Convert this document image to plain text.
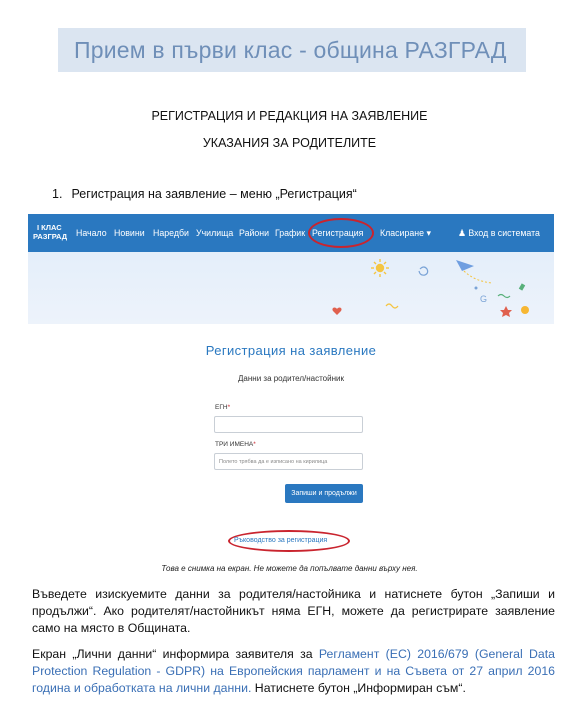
Прием в първи клас - община РАЗГРАД
РЕГИСТРАЦИЯ И РЕДАКЦИЯ НА ЗАЯВЛЕНИЕ
УКАЗАНИЯ ЗА РОДИТЕЛИТЕ
1. Регистрация на заявление – меню „Регистрация“
I КЛАС
РАЗГРАД Начало Новини Наредби Училища Райони График Регистрация Класиране ▾	♟ Вход в системата
G
Регистрация на заявление
Данни за родител/настойник
ЕГН*
ТРИ ИМЕНА*
Полето трябва да е изписано на кирилица
Запиши и продължи
Ръководство за регистрация
Това е снимка на екран. Не можете да попълвате данни върху нея.
Въведете изискуемите данни за родителя/настойника и натиснете бутон „Запиши и продължи“. Ако родителят/настойникът няма ЕГН, можете да регистрирате заявление само на място в Общината.
Екран „Лични данни“ информира заявителя за Регламент (ЕС) 2016/679 (General Data Protection Regulation - GDPR) на Европейския парламент и на Съвета от 27 април 2016 година и обработката на лични данни. Натиснете бутон „Информиран съм“.
